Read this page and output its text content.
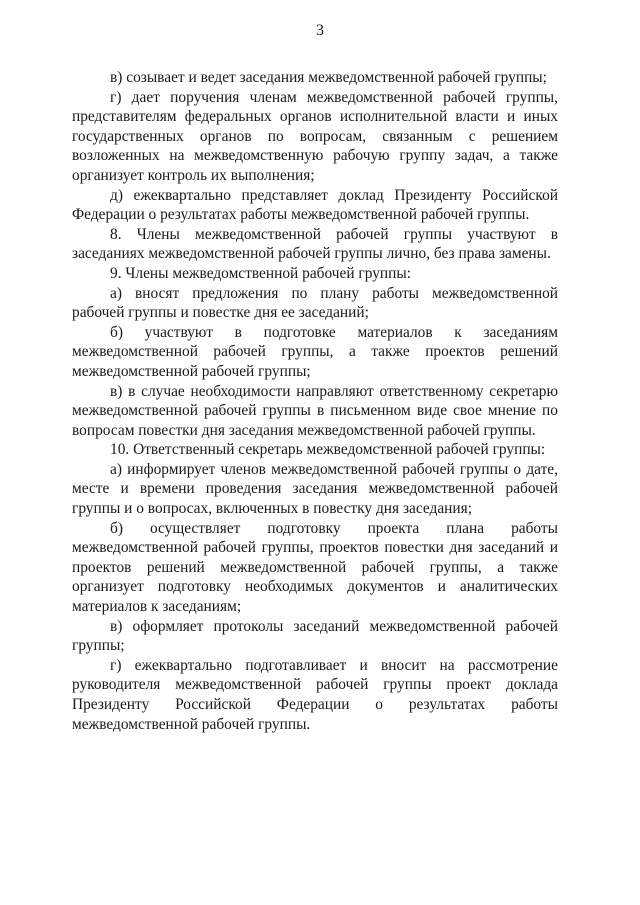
3

в) созывает и ведет заседания межведомственной рабочей группы;

г) дает поручения членам межведомственной рабочей группы, представителям федеральных органов исполнительной власти и иных государственных органов по вопросам, связанным с решением возложенных на межведомственную рабочую группу задач, а также организует контроль их выполнения;

д) ежеквартально представляет доклад Президенту Российской Федерации о результатах работы межведомственной рабочей группы.

8. Члены межведомственной рабочей группы участвуют в заседаниях межведомственной рабочей группы лично, без права замены.

9. Члены межведомственной рабочей группы:

а) вносят предложения по плану работы межведомственной рабочей группы и повестке дня ее заседаний;

б) участвуют в подготовке материалов к заседаниям межведомственной рабочей группы, а также проектов решений межведомственной рабочей группы;

в) в случае необходимости направляют ответственному секретарю межведомственной рабочей группы в письменном виде свое мнение по вопросам повестки дня заседания межведомственной рабочей группы.

10. Ответственный секретарь межведомственной рабочей группы:

а) информирует членов межведомственной рабочей группы о дате, месте и времени проведения заседания межведомственной рабочей группы и о вопросах, включенных в повестку дня заседания;

б) осуществляет подготовку проекта плана работы межведомственной рабочей группы, проектов повестки дня заседаний и проектов решений межведомственной рабочей группы, а также организует подготовку необходимых документов и аналитических материалов к заседаниям;

в) оформляет протоколы заседаний межведомственной рабочей группы;

г) ежеквартально подготавливает и вносит на рассмотрение руководителя межведомственной рабочей группы проект доклада Президенту Российской Федерации о результатах работы межведомственной рабочей группы.
